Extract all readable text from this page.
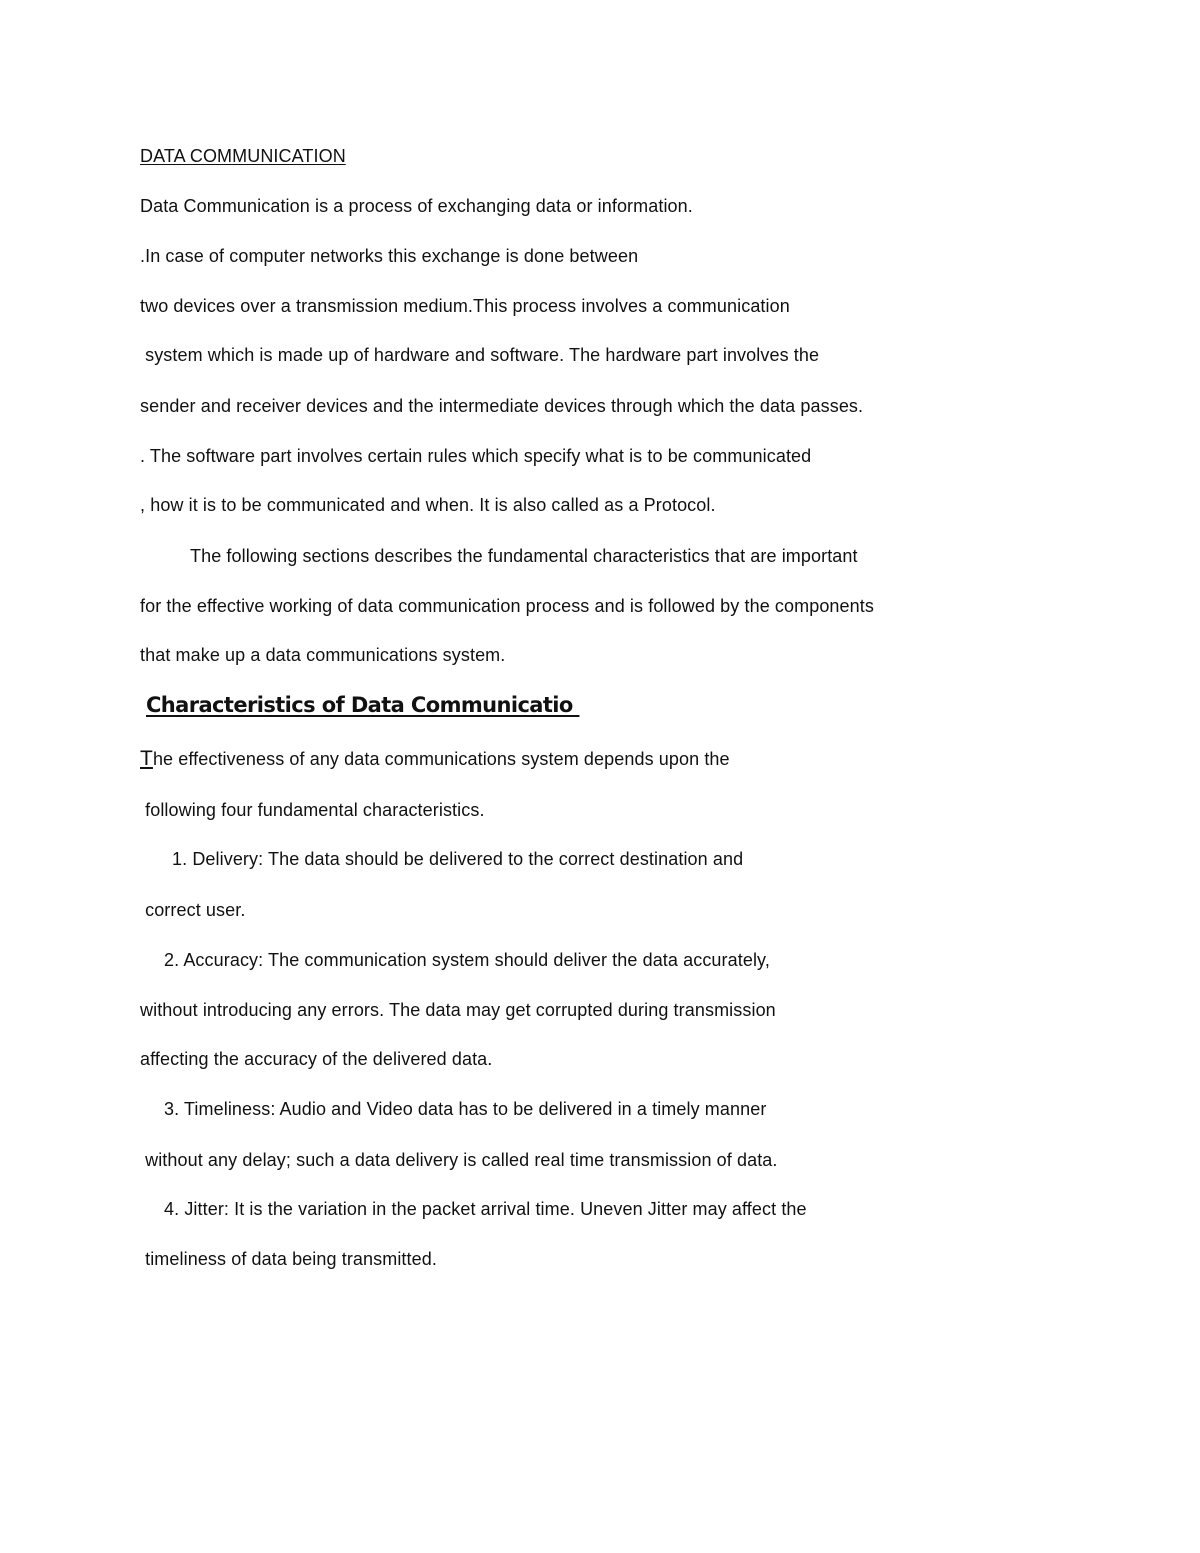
DATA COMMUNICATION
Data Communication is a process of exchanging data or information.
.In case of computer networks this exchange is done between
two devices over a transmission medium.This process involves a communication
system which is made up of hardware and software. The hardware part involves the
sender and receiver devices and the intermediate devices through which the data passes.
. The software part involves certain rules which specify what is to be communicated
, how it is to be communicated and when. It is also called as a Protocol.
The following sections describes the fundamental characteristics that are important
for the effective working of data communication process and is followed by the components
that make up a data communications system.
Characteristics of Data Communicatio
The effectiveness of any data communications system depends upon the
following four fundamental characteristics.
1. Delivery: The data should be delivered to the correct destination and
correct user.
2. Accuracy: The communication system should deliver the data accurately,
without introducing any errors. The data may get corrupted during transmission
affecting the accuracy of the delivered data.
3. Timeliness: Audio and Video data has to be delivered in a timely manner
without any delay; such a data delivery is called real time transmission of data.
4. Jitter: It is the variation in the packet arrival time. Uneven Jitter may affect the
timeliness of data being transmitted.
